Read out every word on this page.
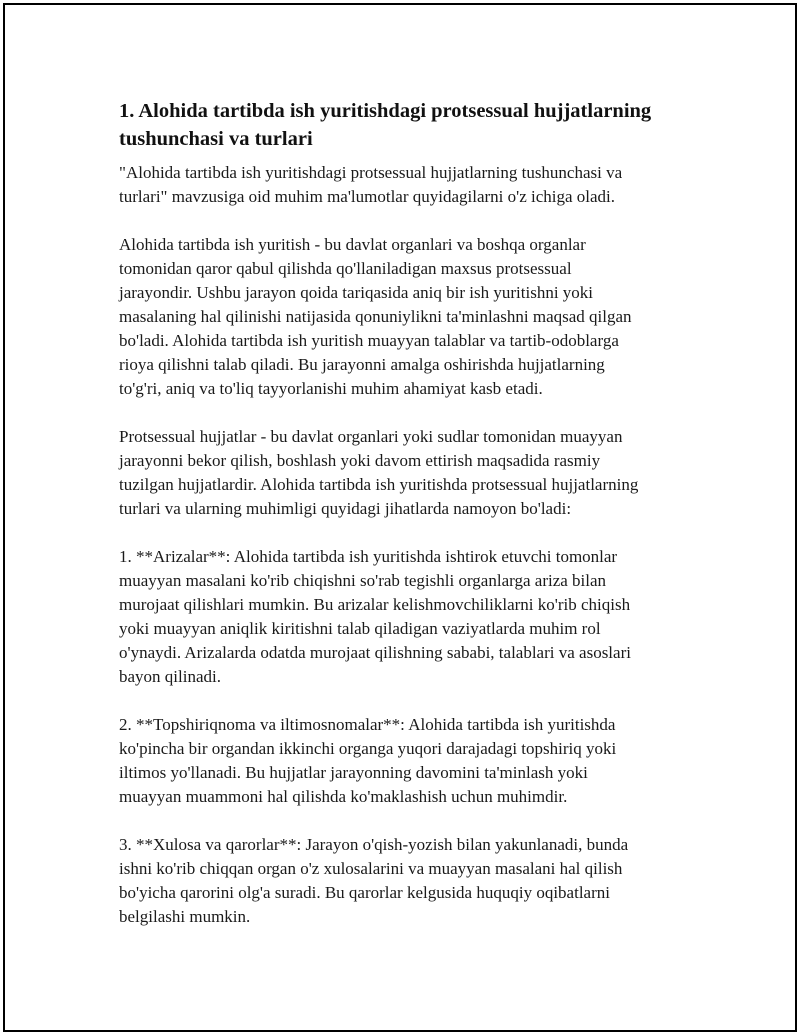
1. Alohida tartibda ish yuritishdagi protsessual hujjatlarning tushunchasi va turlari

"Alohida tartibda ish yuritishdagi protsessual hujjatlarning tushunchasi va
turlari" mavzusiga oid muhim ma'lumotlar quyidagilarni o'z ichiga oladi.

Alohida tartibda ish yuritish - bu davlat organlari va boshqa organlar
tomonidan qaror qabul qilishda qo'llaniladigan maxsus protsessual
jarayondir. Ushbu jarayon qoida tariqasida aniq bir ish yuritishni yoki
masalaning hal qilinishi natijasida qonuniylikni ta'minlashni maqsad qilgan
bo'ladi. Alohida tartibda ish yuritish muayyan talablar va tartib-odoblarga
rioya qilishni talab qiladi. Bu jarayonni amalga oshirishda hujjatlarning
to'g'ri, aniq va to'liq tayyorlanishi muhim ahamiyat kasb etadi.

Protsessual hujjatlar - bu davlat organlari yoki sudlar tomonidan muayyan
jarayonni bekor qilish, boshlash yoki davom ettirish maqsadida rasmiy
tuzilgan hujjatlardir. Alohida tartibda ish yuritishda protsessual hujjatlarning
turlari va ularning muhimligi quyidagi jihatlarda namoyon bo'ladi:

1. **Arizalar**: Alohida tartibda ish yuritishda ishtirok etuvchi tomonlar
muayyan masalani ko'rib chiqishni so'rab tegishli organlarga ariza bilan
murojaat qilishlari mumkin. Bu arizalar kelishmovchiliklarni ko'rib chiqish
yoki muayyan aniqlik kiritishni talab qiladigan vaziyatlarda muhim rol
o'ynaydi. Arizalarda odatda murojaat qilishning sababi, talablari va asoslari
bayon qilinadi.

2. **Topshiriqnoma va iltimosnomalar**: Alohida tartibda ish yuritishda
ko'pincha bir organdan ikkinchi organga yuqori darajadagi topshiriq yoki
iltimos yo'llanadi. Bu hujjatlar jarayonning davomini ta'minlash yoki
muayyan muammoni hal qilishda ko'maklashish uchun muhimdir.

3. **Xulosa va qarorlar**: Jarayon o'qish-yozish bilan yakunlanadi, bunda
ishni ko'rib chiqqan organ o'z xulosalarini va muayyan masalani hal qilish
bo'yicha qarorini olg'a suradi. Bu qarorlar kelgusida huquqiy oqibatlarni
belgilashi mumkin.
